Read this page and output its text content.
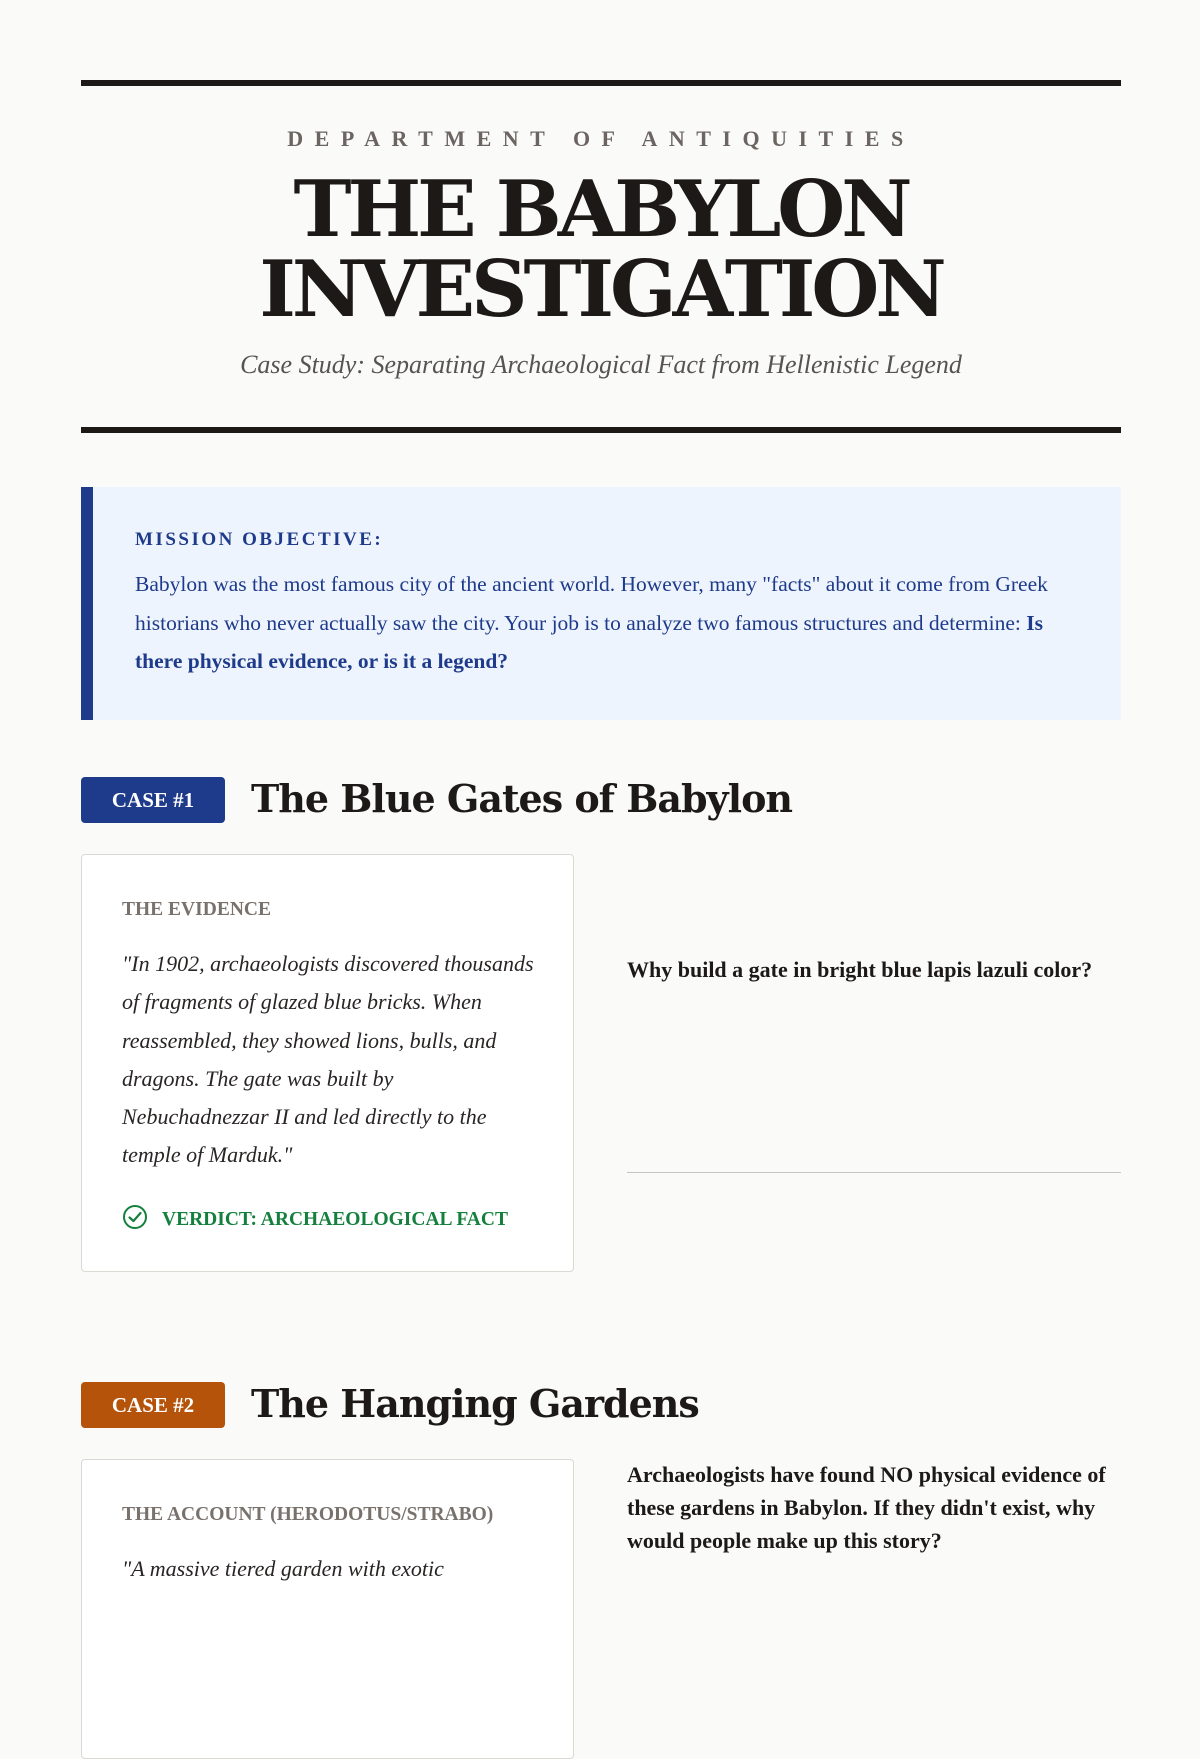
DEPARTMENT OF ANTIQUITIES
THE BABYLON
INVESTIGATION
Case Study: Separating Archaeological Fact from Hellenistic Legend
MISSION OBJECTIVE:
Babylon was the most famous city of the ancient world. However, many "facts" about it come from Greek historians who never actually saw the city. Your job is to analyze two famous structures and determine: Is there physical evidence, or is it a legend?
CASE #1	The Blue Gates of Babylon
THE EVIDENCE
"In 1902, archaeologists discovered thousands of fragments of glazed blue bricks. When reassembled, they showed lions, bulls, and dragons. The gate was built by Nebuchadnezzar II and led directly to the temple of Marduk."
VERDICT: ARCHAEOLOGICAL FACT
Why build a gate in bright blue lapis lazuli color?
CASE #2	The Hanging Gardens
THE ACCOUNT (HERODOTUS/STRABO)
"A massive tiered garden with exotic
Archaeologists have found NO physical evidence of these gardens in Babylon. If they didn't exist, why would people make up this story?
